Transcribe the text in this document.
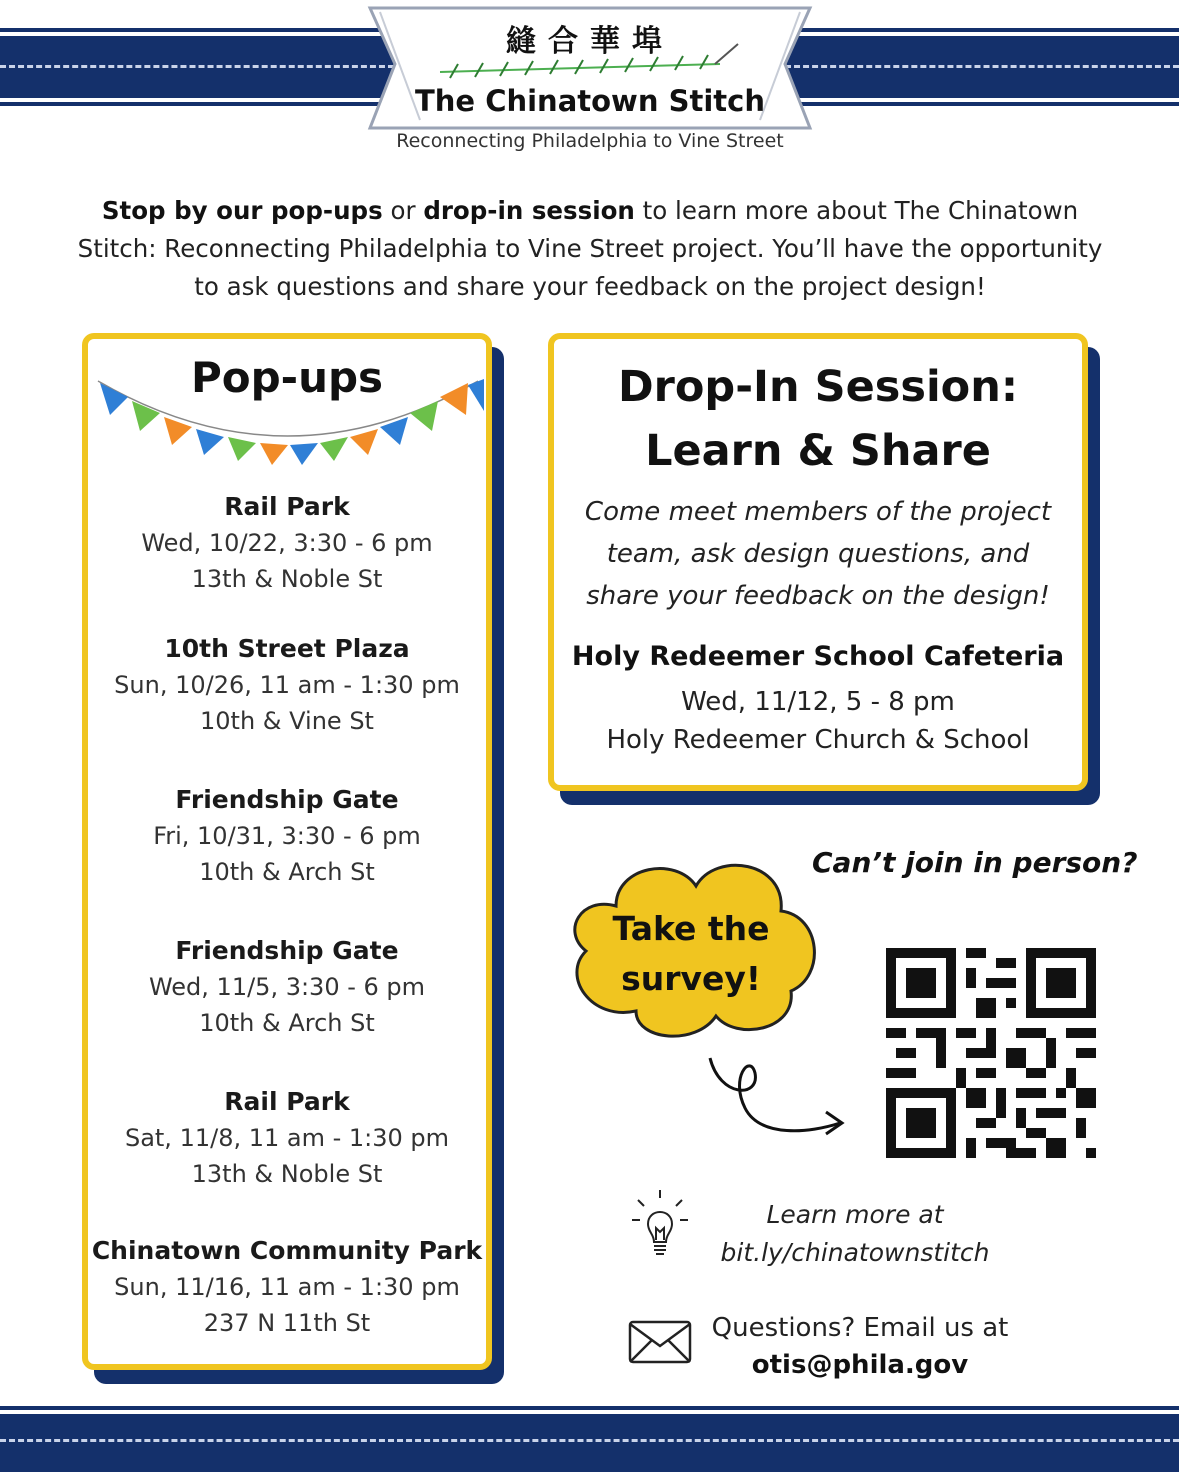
縫合華埠
The Chinatown Stitch
Reconnecting Philadelphia to Vine Street
Stop by our pop-ups or drop-in session to learn more about The Chinatown Stitch: Reconnecting Philadelphia to Vine Street project. You’ll have the opportunity to ask questions and share your feedback on the project design!
Pop-ups
Rail Park
Wed, 10/22, 3:30 - 6 pm
13th & Noble St
10th Street Plaza
Sun, 10/26, 11 am - 1:30 pm
10th & Vine St
Friendship Gate
Fri, 10/31, 3:30 - 6 pm
10th & Arch St
Friendship Gate
Wed, 11/5, 3:30 - 6 pm
10th & Arch St
Rail Park
Sat, 11/8, 11 am - 1:30 pm
13th & Noble St
Chinatown Community Park
Sun, 11/16, 11 am - 1:30 pm
237 N 11th St
Drop-In Session:
Learn & Share
Come meet members of the project
team, ask design questions, and
share your feedback on the design!
Holy Redeemer School Cafeteria
Wed, 11/12, 5 - 8 pm
Holy Redeemer Church & School
Can’t join in person?
Take the
survey!
Learn more at
bit.ly/chinatownstitch
Questions? Email us at
otis@phila.gov
